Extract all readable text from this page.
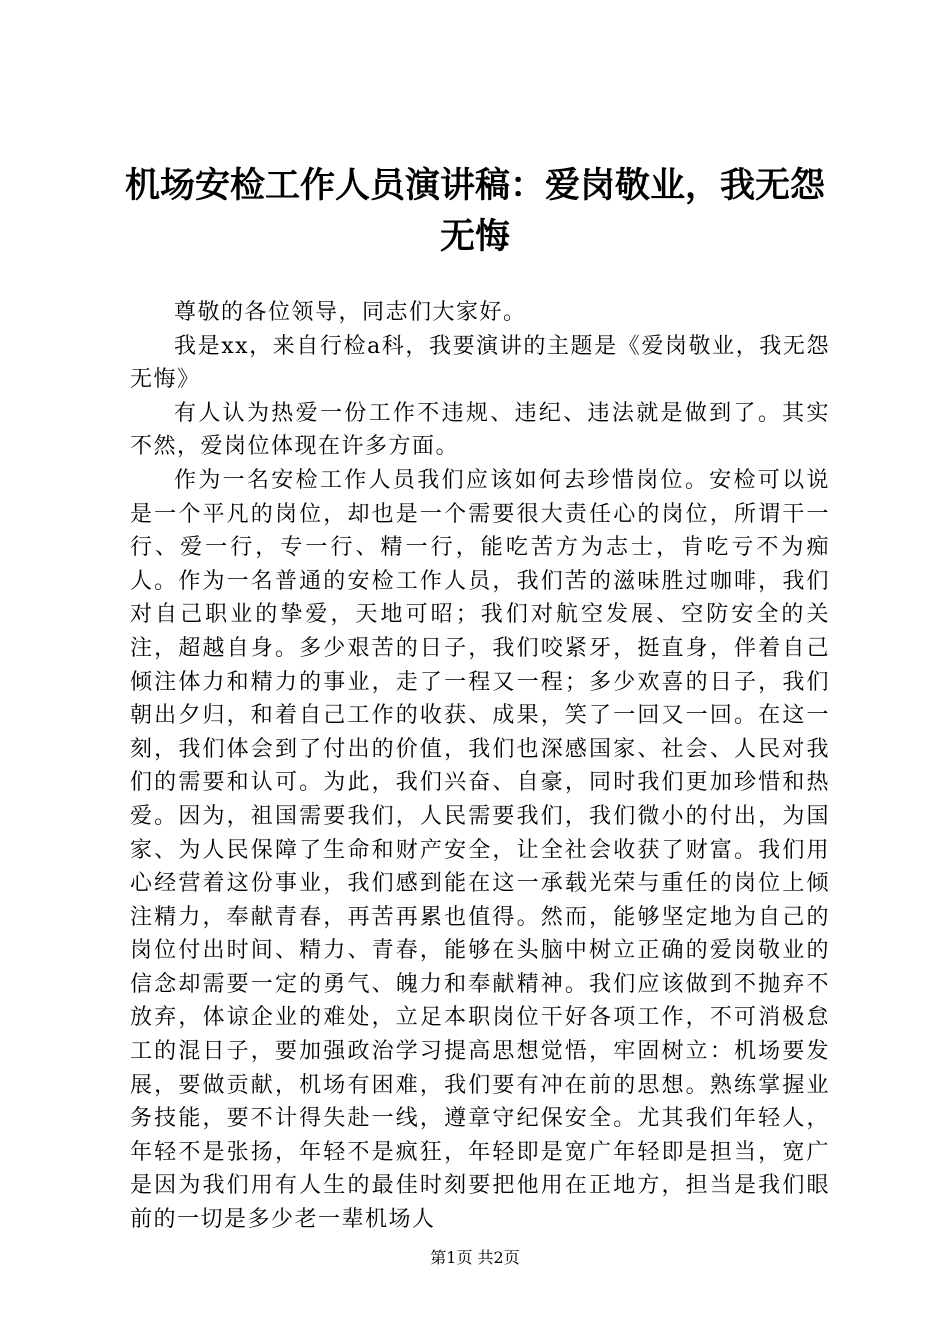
机场安检工作人员演讲稿：爱岗敬业，我无怨无悔

尊敬的各位领导，同志们大家好。

我是xx，来自行检a科，我要演讲的主题是《爱岗敬业，我无怨无悔》

有人认为热爱一份工作不违规、违纪、违法就是做到了。其实不然，爱岗位体现在许多方面。

作为一名安检工作人员我们应该如何去珍惜岗位。安检可以说是一个平凡的岗位，却也是一个需要很大责任心的岗位，所谓干一行、爱一行，专一行、精一行，能吃苦方为志士，肯吃亏不为痴人。作为一名普通的安检工作人员，我们苦的滋味胜过咖啡，我们对自己职业的挚爱，天地可昭；我们对航空发展、空防安全的关注，超越自身。多少艰苦的日子，我们咬紧牙，挺直身，伴着自己倾注体力和精力的事业，走了一程又一程；多少欢喜的日子，我们朝出夕归，和着自己工作的收获、成果，笑了一回又一回。在这一刻，我们体会到了付出的价值，我们也深感国家、社会、人民对我们的需要和认可。为此，我们兴奋、自豪，同时我们更加珍惜和热爱。因为，祖国需要我们，人民需要我们，我们微小的付出，为国家、为人民保障了生命和财产安全，让全社会收获了财富。我们用心经营着这份事业，我们感到能在这一承载光荣与重任的岗位上倾注精力，奉献青春，再苦再累也值得。然而，能够坚定地为自己的岗位付出时间、精力、青春，能够在头脑中树立正确的爱岗敬业的信念却需要一定的勇气、魄力和奉献精神。我们应该做到不抛弃不放弃，体谅企业的难处，立足本职岗位干好各项工作，不可消极怠工的混日子，要加强政治学习提高思想觉悟，牢固树立：机场要发展，要做贡献，机场有困难，我们要有冲在前的思想。熟练掌握业务技能，要不计得失赴一线，遵章守纪保安全。尤其我们年轻人，年轻不是张扬，年轻不是疯狂，年轻即是宽广年轻即是担当，宽广是因为我们用有人生的最佳时刻要把他用在正地方，担当是我们眼前的一切是多少老一辈机场人

第1页 共2页
